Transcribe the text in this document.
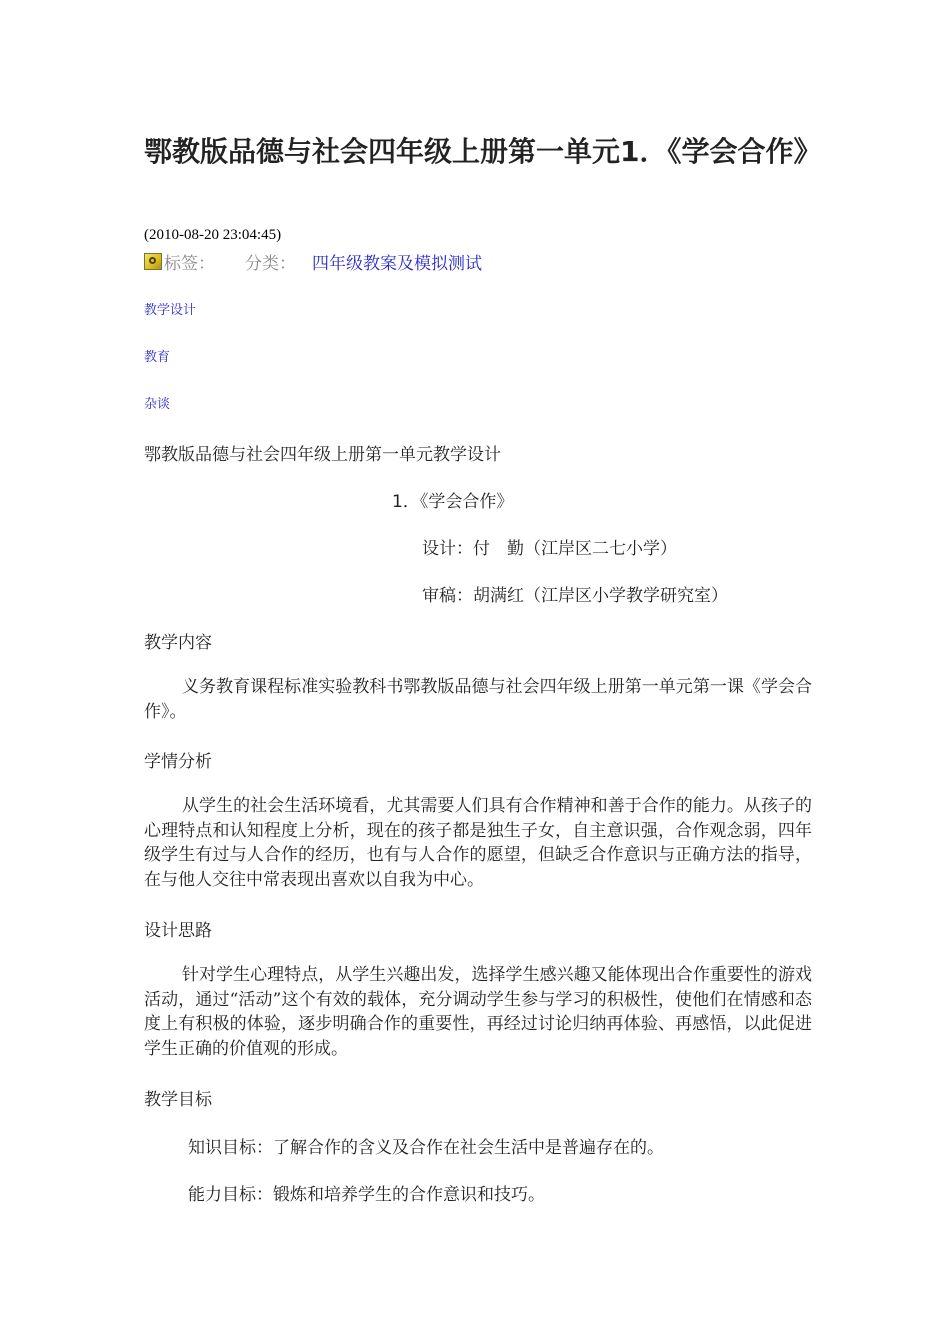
鄂教版品德与社会四年级上册第一单元1．《学会合作》
(2010-08-20 23:04:45)
标签： 分类： 四年级教案及模拟测试
教学设计
教育
杂谈
鄂教版品德与社会四年级上册第一单元教学设计
1．《学会合作》
设计：付　勤（江岸区二七小学）
审稿：胡满红（江岸区小学教学研究室）
教学内容
义务教育课程标准实验教科书鄂教版品德与社会四年级上册第一单元第一课《学会合作》。
学情分析
从学生的社会生活环境看，尤其需要人们具有合作精神和善于合作的能力。从孩子的心理特点和认知程度上分析，现在的孩子都是独生子女，自主意识强，合作观念弱，四年级学生有过与人合作的经历，也有与人合作的愿望，但缺乏合作意识与正确方法的指导，在与他人交往中常表现出喜欢以自我为中心。
设计思路
针对学生心理特点，从学生兴趣出发，选择学生感兴趣又能体现出合作重要性的游戏活动，通过“活动”这个有效的载体，充分调动学生参与学习的积极性，使他们在情感和态度上有积极的体验，逐步明确合作的重要性，再经过讨论归纳再体验、再感悟，以此促进学生正确的价值观的形成。
教学目标
知识目标：了解合作的含义及合作在社会生活中是普遍存在的。
能力目标：锻炼和培养学生的合作意识和技巧。
